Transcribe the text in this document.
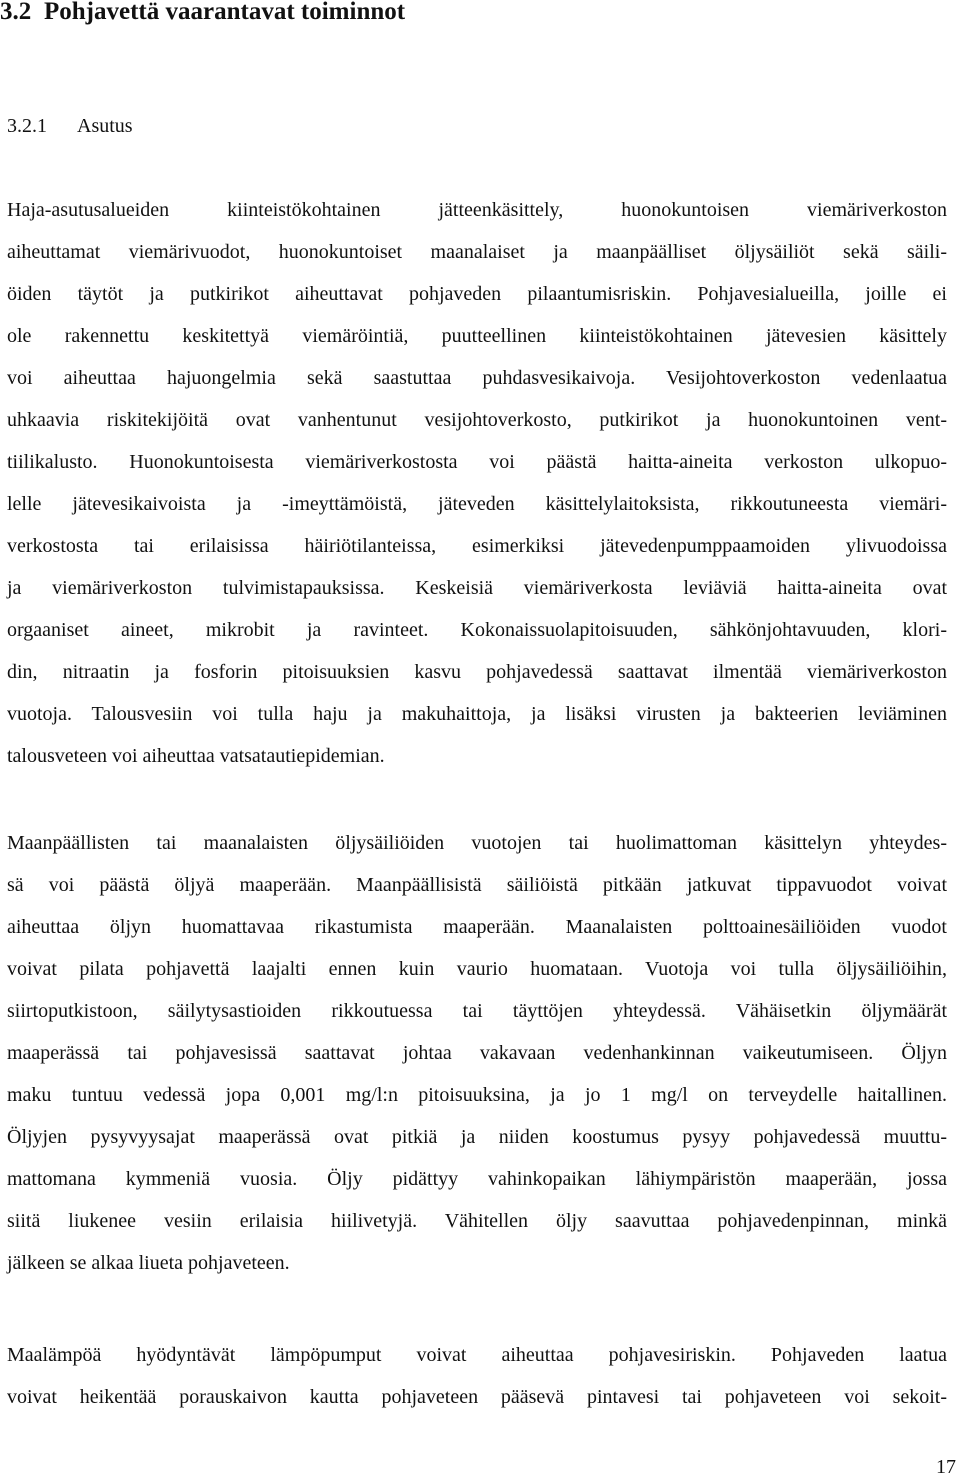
3.2 Pohjavettä vaarantavat toiminnot
3.2.1 Asutus
Haja-asutusalueiden kiinteistökohtainen jätteenkäsittely, huonokuntoisen viemäriverkoston
aiheuttamat viemärivuodot, huonokuntoiset maanalaiset ja maanpäälliset öljysäiliöt sekä säili-
öiden täytöt ja putkirikot aiheuttavat pohjaveden pilaantumisriskin. Pohjavesialueilla, joille ei
ole rakennettu keskitettyä viemäröintiä, puutteellinen kiinteistökohtainen jätevesien käsittely
voi aiheuttaa hajuongelmia sekä saastuttaa puhdasvesikaivoja. Vesijohtoverkoston vedenlaatua
uhkaavia riskitekijöitä ovat vanhentunut vesijohtoverkosto, putkirikot ja huonokuntoinen vent-
tiilikalusto. Huonokuntoisesta viemäriverkostosta voi päästä haitta-aineita verkoston ulkopuo-
lelle jätevesikaivoista ja -imeyttämöistä, jäteveden käsittelylaitoksista, rikkoutuneesta viemäri-
verkostosta tai erilaisissa häiriötilanteissa, esimerkiksi jätevedenpumppaamoiden ylivuodoissa
ja viemäriverkoston tulvimistapauksissa. Keskeisiä viemäriverkosta leviäviä haitta-aineita ovat
orgaaniset aineet, mikrobit ja ravinteet. Kokonaissuolapitoisuuden, sähkönjohtavuuden, klori-
din, nitraatin ja fosforin pitoisuuksien kasvu pohjavedessä saattavat ilmentää viemäriverkoston
vuotoja. Talousvesiin voi tulla haju ja makuhaittoja, ja lisäksi virusten ja bakteerien leviäminen
talousveteen voi aiheuttaa vatsatautiepidemian.
Maanpäällisten tai maanalaisten öljysäiliöiden vuotojen tai huolimattoman käsittelyn yhteydes-
sä voi päästä öljyä maaperään. Maanpäällisistä säiliöistä pitkään jatkuvat tippavuodot voivat
aiheuttaa öljyn huomattavaa rikastumista maaperään. Maanalaisten polttoainesäiliöiden vuodot
voivat pilata pohjavettä laajalti ennen kuin vaurio huomataan. Vuotoja voi tulla öljysäiliöihin,
siirtoputkistoon, säilytysastioiden rikkoutuessa tai täyttöjen yhteydessä. Vähäisetkin öljymäärät
maaperässä tai pohjavesissä saattavat johtaa vakavaan vedenhankinnan vaikeutumiseen. Öljyn
maku tuntuu vedessä jopa 0,001 mg/l:n pitoisuuksina, ja jo 1 mg/l on terveydelle haitallinen.
Öljyjen pysyvyysajat maaperässä ovat pitkiä ja niiden koostumus pysyy pohjavedessä muuttu-
mattomana kymmeniä vuosia. Öljy pidättyy vahinkopaikan lähiympäristön maaperään, jossa
siitä liukenee vesiin erilaisia hiilivetyjä. Vähitellen öljy saavuttaa pohjavedenpinnan, minkä
jälkeen se alkaa liueta pohjaveteen.
Maalämpöä hyödyntävät lämpöpumput voivat aiheuttaa pohjavesiriskin. Pohjaveden laatua
voivat heikentää porauskaivon kautta pohjaveteen pääsevä pintavesi tai pohjaveteen voi sekoit-
17
